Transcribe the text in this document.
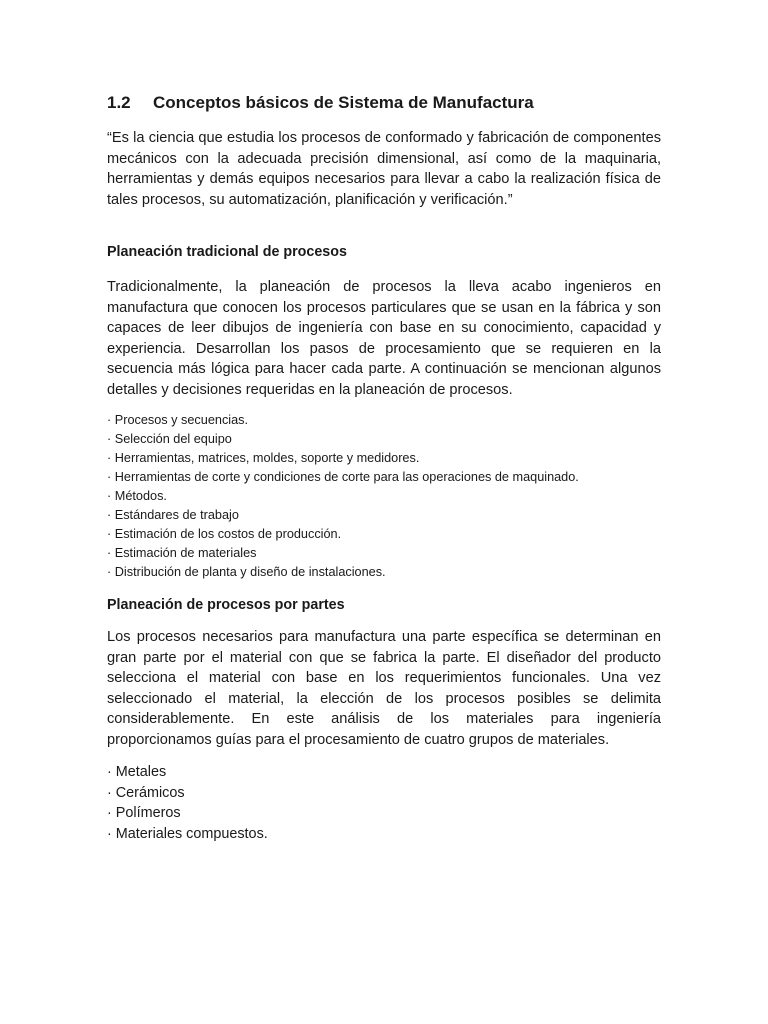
1.2 Conceptos básicos de Sistema de Manufactura

“Es la ciencia que estudia los procesos de conformado y fabricación de componentes mecánicos con la adecuada precisión dimensional, así como de la maquinaria, herramientas y demás equipos necesarios para llevar a cabo la realización física de tales procesos, su automatización, planificación y verificación.”

Planeación tradicional de procesos

Tradicionalmente, la planeación de procesos la lleva acabo ingenieros en manufactura que conocen los procesos particulares que se usan en la fábrica y son capaces de leer dibujos de ingeniería con base en su conocimiento, capacidad y experiencia. Desarrollan los pasos de procesamiento que se requieren en la secuencia más lógica para hacer cada parte. A continuación se mencionan algunos detalles y decisiones requeridas en la planeación de procesos.

· Procesos y secuencias.
· Selección del equipo
· Herramientas, matrices, moldes, soporte y medidores.
· Herramientas de corte y condiciones de corte para las operaciones de maquinado.
· Métodos.
· Estándares de trabajo
· Estimación de los costos de producción.
· Estimación de materiales
· Distribución de planta y diseño de instalaciones.

Planeación de procesos por partes

Los procesos necesarios para manufactura una parte específica se determinan en gran parte por el material con que se fabrica la parte. El diseñador del producto selecciona el material con base en los requerimientos funcionales. Una vez seleccionado el material, la elección de los procesos posibles se delimita considerablemente. En este análisis de los materiales para ingeniería proporcionamos guías para el procesamiento de cuatro grupos de materiales.

· Metales
· Cerámicos
· Polímeros
· Materiales compuestos.
